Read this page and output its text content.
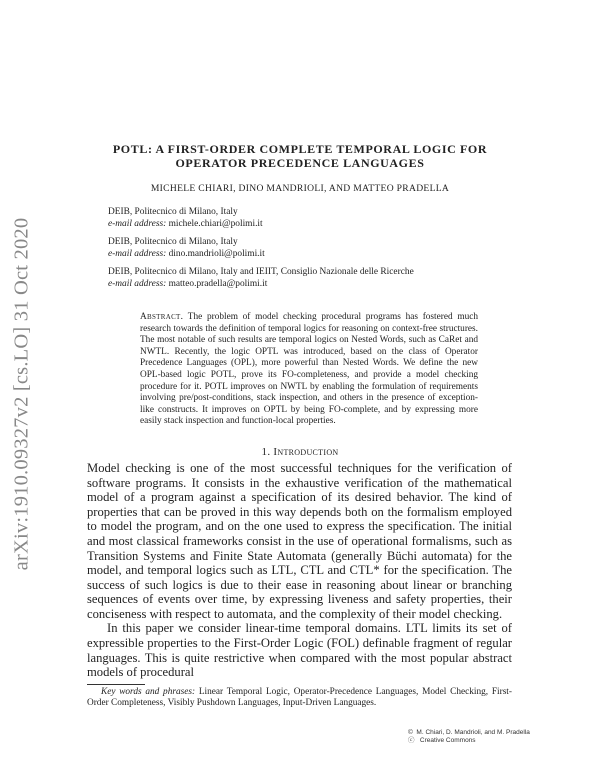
arXiv:1910.09327v2 [cs.LO] 31 Oct 2020
POTL: A FIRST-ORDER COMPLETE TEMPORAL LOGIC FOR
OPERATOR PRECEDENCE LANGUAGES
MICHELE CHIARI, DINO MANDRIOLI, AND MATTEO PRADELLA
DEIB, Politecnico di Milano, Italy
e-mail address: michele.chiari@polimi.it
DEIB, Politecnico di Milano, Italy
e-mail address: dino.mandrioli@polimi.it
DEIB, Politecnico di Milano, Italy and IEIIT, Consiglio Nazionale delle Ricerche
e-mail address: matteo.pradella@polimi.it
Abstract. The problem of model checking procedural programs has fostered much research towards the definition of temporal logics for reasoning on context-free structures. The most notable of such results are temporal logics on Nested Words, such as CaRet and NWTL. Recently, the logic OPTL was introduced, based on the class of Operator Precedence Languages (OPL), more powerful than Nested Words. We define the new OPL-based logic POTL, prove its FO-completeness, and provide a model checking procedure for it. POTL improves on NWTL by enabling the formulation of requirements involving pre/post-conditions, stack inspection, and others in the presence of exception-like constructs. It improves on OPTL by being FO-complete, and by expressing more easily stack inspection and function-local properties.
1. Introduction

Model checking is one of the most successful techniques for the verification of software programs. It consists in the exhaustive verification of the mathematical model of a program against a specification of its desired behavior. The kind of properties that can be proved in this way depends both on the formalism employed to model the program, and on the one used to express the specification. The initial and most classical frameworks consist in the use of operational formalisms, such as Transition Systems and Finite State Automata (generally Büchi automata) for the model, and temporal logics such as LTL, CTL and CTL* for the specification. The success of such logics is due to their ease in reasoning about linear or branching sequences of events over time, by expressing liveness and safety properties, their conciseness with respect to automata, and the complexity of their model checking.

In this paper we consider linear-time temporal domains. LTL limits its set of expressible properties to the First-Order Logic (FOL) definable fragment of regular languages. This is quite restrictive when compared with the most popular abstract models of procedural

Key words and phrases: Linear Temporal Logic, Operator-Precedence Languages, Model Checking, First-Order Completeness, Visibly Pushdown Languages, Input-Driven Languages.
© M. Chiari, D. Mandrioli, and M. Pradella
ⓒ Creative Commons
